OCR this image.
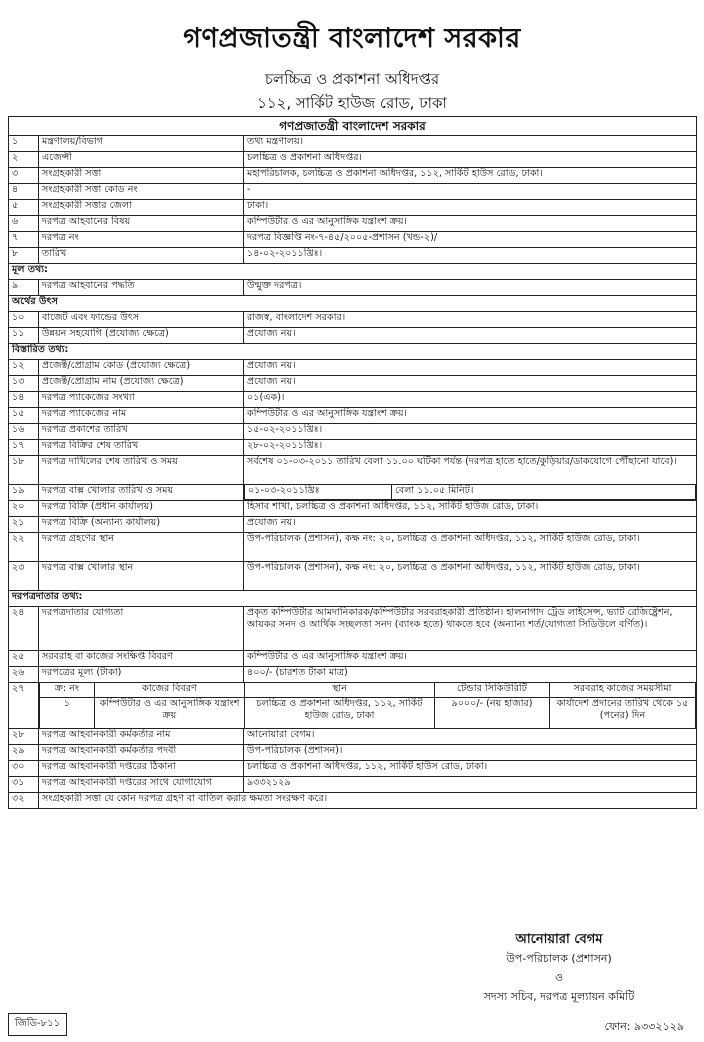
গণপ্রজাতন্ত্রী বাংলাদেশ সরকার
চলচ্চিত্র ও প্রকাশনা অধিদপ্তর
১১২, সার্কিট হাউজ রোড, ঢাকা
গণপ্রজাতন্ত্রী বাংলাদেশ সরকার
১	মন্ত্রণালয়/বিভাগ	তথ্য মন্ত্রণালয়।
২	এজেন্সী	চলচ্চিত্র ও প্রকাশনা অধিদপ্তর।
৩	সংগ্রহকারী সত্তা	মহাপরিচালক, চলচ্চিত্র ও প্রকাশনা অধিদপ্তর, ১১২, সার্কিট হাউস রোড, ঢাকা।
৪	সংগ্রহকারী সত্তা কোড নং	-
৫	সংগ্রহকারী সত্তার জেলা	ঢাকা।
৬	দরপত্র আহবানের বিষয়	কম্পিউটার ও এর আনুসাঙ্গিক যন্ত্রাংশ ক্রয়।
৭	দরপত্র নং	দরপত্র বিজ্ঞপ্তি নং-৭-৪৫/২০০৫-প্রশাসন (খন্ড-২)/
৮	তারিখ	১৪-০২-২০১১খ্রিঃ।
মূল তথ্য:
৯	দরপত্র আহবানের পদ্ধতি	উন্মুক্ত দরপত্র।
অর্থের উৎস
১০	বাজেট এবং ফান্ডের উৎস	রাজস্ব, বাংলাদেশ সরকার।
১১	উন্নয়ন সহযোগি (প্রযোজ্য ক্ষেত্রে)	প্রযোজ্য নয়।
বিস্তারিত তথ্য:
১২	প্রজেক্ট/প্রোগ্রাম কোড (প্রযোজ্য ক্ষেত্রে)	প্রযোজ্য নয়।
১৩	প্রজেক্ট/প্রোগ্রাম নাম (প্রযোজ্য ক্ষেত্রে)	প্রযোজ্য নয়।
১৪	দরপত্র প্যাকেজের সংখ্যা	০১(এক)।
১৫	দরপত্র প্যাকেজের নাম	কম্পিউটার ও এর আনুসাঙ্গিক যন্ত্রাংশ ক্রয়।
১৬	দরপত্র প্রকাশের তারিখ	১৫-০২-২০১১খ্রিঃ।
১৭	দরপত্র বিক্রির শেষ তারিখ	২৮-০২-২০১১খ্রিঃ।
১৮	দরপত্র দাখিলের শেষ তারিখ ও সময়	সর্বশেষ ০১-০৩-২০১১ তারিখ বেলা ১১.০০ ঘটিকা পর্যন্ত (দরপত্র হাতে হাতে/কুড়িয়ার/ডাকযোগে পৌঁছানো যাবে)।
১৯	দরপত্র বাক্স খোলার তারিখ ও সময়		০১-০৩-২০১১খ্রিঃ	বেলা ১১.০৫ মিনিট।

২০	দরপত্র বিক্রি (প্রধান কার্যালয়)	হিসাব শাখা, চলচ্চিত্র ও প্রকাশনা অধিদপ্তর, ১১২, সার্কিট হাউজ রোড, ঢাকা।
২১	দরপত্র বিক্রি (অন্যান্য কার্যালয়)	প্রযোজ্য নয়।
২২	দরপত্র গ্রহণের স্থান	উপ-পরিচালক (প্রশাসন), কক্ষ নং: ২০, চলচ্চিত্র ও প্রকাশনা অধিদপ্তর, ১১২, সার্কিট হাউজ রোড, ঢাকা।
২৩	দরপত্র বাক্স খোলার স্থান	উপ-পরিচালক (প্রশাসন), কক্ষ নং: ২০, চলচ্চিত্র ও প্রকাশনা অধিদপ্তর, ১১২, সার্কিট হাউজ রোড, ঢাকা।
দরপত্রদাতার তথ্য:
২৪	দরপত্রদাতার যোগ্যতা	প্রকৃত কম্পিউটার আমদানিকারক/কম্পিউটার সরবরাহকারী প্রতিষ্ঠান। হালনাগাদ ট্রেড লাইসেন্স, ভ্যাট রেজিষ্ট্রেশন, আয়কর সনদ ও আর্থিক সচ্ছলতা সনদ (ব্যাংক হতে) থাকতে হবে (অন্যান্য শর্ত/যোগ্যতা সিডিউলে বর্ণিত)।
২৫	সরবরাহ বা কাজের সংক্ষিপ্ত বিবরণ	কম্পিউটার ও এর আনুসাঙ্গিক যন্ত্রাংশ ক্রয়।
২৬	দরপত্রের মূল্য (টাকা)	৪০০/- (চারশত টাকা মাত্র)
২৭		ক্র: নং	কাজের বিবরণ	স্থান	টেন্ডার সিকিউরিটি	সরবরাহ কাজের সময়সীমা
১	কম্পিউটার ও এর আনুসাঙ্গিক যন্ত্রাংশ ক্রয়	চলচ্চিত্র ও প্রকাশনা অধিদপ্তর, ১১২, সার্কিট হাউজ রোড, ঢাকা	৯০০০/- (নয় হাজার)	কার্যাদেশ প্রদানের তারিখ থেকে ১৫ (পনের) দিন

২৮	দরপত্র আহবানকারী কর্মকর্তার নাম	আনোয়ারা বেগম।
২৯	দরপত্র আহবানকারী কর্মকর্তার পদবী	উপ-পরিচালক (প্রশাসন)।
৩০	দরপত্র আহবানকারী দপ্তরের ঠিকানা	চলচ্চিত্র ও প্রকাশনা অধিদপ্তর, ১১২, সার্কিট হাউস রোড, ঢাকা।
৩১	দরপত্র আহবানকারী দপ্তরের সাথে যোগাযোগ	৯৩৩২১২৯
৩২	সংগ্রহকারী সত্তা যে কোন দরপত্র গ্রহণ বা বাতিল করার ক্ষমতা সংরক্ষণ করে।
আনোয়ারা বেগম
উপ-পরিচালক (প্রশাসন)
ও
সদস্য সচিব, দরপত্র মূল্যায়ন কমিটি
জিডি-৮১১	ফোন: ৯৩৩২১২৯
